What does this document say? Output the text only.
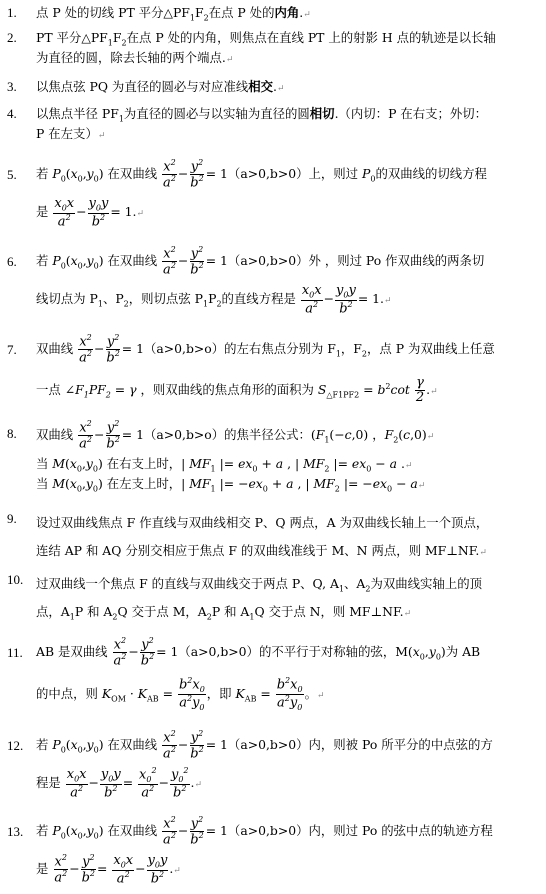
1.	点 P 处的切线 PT 平分$\triangle PF_1F_2$在点 P 处的内角.↵
2.	PT 平分$\triangle PF_1F_2$在点 P 处的内角，则焦点在直线 PT 上的射影 H 点的轨迹是以长轴
为直径的圆，除去长轴的两个端点.↵
3.	以焦点弦 PQ 为直径的圆必与对应准线相交.↵
4.	以焦点半径 $PF_1$为直径的圆必与以实轴为直径的圆相切.（内切：P 在右支；外切：
P 在左支）↵
5.	若 $P_0(x_0,y_0)$ 在双曲线 $\frac{x^2}{a^2} - \frac{y^2}{b^2} = 1(a>0,b>0)$上，则过 $P_0$的双曲线的切线方程
是 $\frac{x_0x}{a^2} - \frac{y_0y}{b^2}$ = 1.↵
6.	若 $P_0(x_0,y_0)$ 在双曲线 $\frac{x^2}{a^2} - \frac{y^2}{b^2} = 1(a>0,b>0)$外 ，则过 Po 作双曲线的两条切
线切点为 $P_1$、$P_2$，则切点弦 $P_1P_2$的直线方程是 $\frac{x_0x}{a^2} - \frac{y_0y}{b^2}$ = 1.↵
7.	双曲线 $\frac{x^2}{a^2} - \frac{y^2}{b^2} = 1(a>0,b>o)$的左右焦点分别为 $F_1$，$F_2$，点 P 为双曲线上任意
一点 $\angle F_1PF_2 = \gamma$ ，则双曲线的焦点角形的面积为 $S_{\triangle F1PF2} = b^2\cot \frac{\gamma}{2}$ .↵
8.	双曲线 $\frac{x^2}{a^2} - \frac{y^2}{b^2} = 1(a>0,b>o)$的焦半径公式：($F_1(-c,0)$ ，$F_2(c,0)↵$
当 $M(x_0,y_0)$ 在右支上时，| $MF_1$ |= $ex_0 + a$ , | $MF_2$ |= $ex_0 - a$ .↵
当 $M(x_0,y_0)$ 在左支上时，| $MF_1$ |= $-ex_0 + a$ , | $MF_2$ |= $-ex_0$ − a↵
9.	设过双曲线焦点 F 作直线与双曲线相交 P、Q 两点，A 为双曲线长轴上一个顶点，
连结 AP 和 AQ 分别交相应于焦点 F 的双曲线准线于 M、N 两点，则 MF⊥NF.↵
10.	过双曲线一个焦点 F 的直线与双曲线交于两点 P、Q, $A_1$、$A_2$为双曲线实轴上的顶
点，$A_1P$ 和 $A_2Q$ 交于点 M，$A_2P$ 和 $A_1Q$ 交于点 N，则 MF⊥NF.↵
11.	AB 是双曲线 $\frac{x^2}{a^2} - \frac{y^2}{b^2} = 1(a>0,b>0)$的不平行于对称轴的弦，$M(x_0,y_0)$为 AB
的中点，则 $K_{OM} \cdot K_{AB} = \frac{b^2x_0}{a^2y_0}$ ，即 $K_{AB} = \frac{b^2x_0}{a^2y_0}$ 。↵
12.	若 $P_0(x_0,y_0)$ 在双曲线 $\frac{x^2}{a^2} - \frac{y^2}{b^2} = 1(a>0,b>0)$内，则被 Po 所平分的中点弦的方
程是 $\frac{x_0x}{a^2} - \frac{y_0y}{b^2} = \frac{x_0^2}{a^2} - \frac{y_0^2}{b^2}$ .↵
13.	若 $P_0(x_0,y_0)$ 在双曲线 $\frac{x^2}{a^2} - \frac{y^2}{b^2} = 1(a>0,b>0)$内，则过 Po 的弦中点的轨迹方程
是 $\frac{x^2}{a^2} - \frac{y^2}{b^2} = \frac{x_0x}{a^2} - \frac{y_0y}{b^2}$ .↵
